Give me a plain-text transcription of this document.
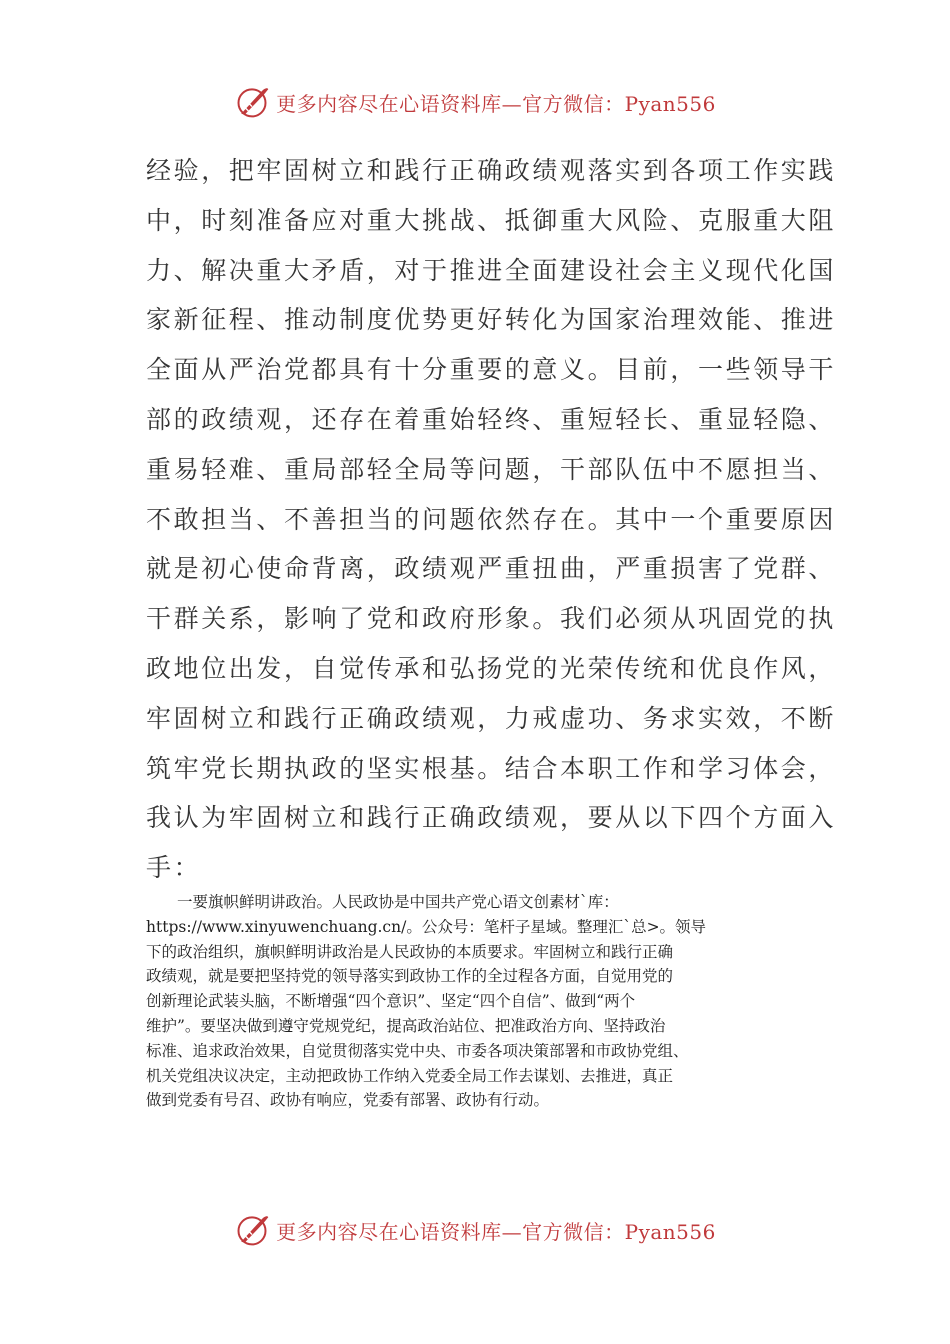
更多内容尽在心语资料库—官方微信：Pyan556
经验，把牢固树立和践行正确政绩观落实到各项工作实践
中，时刻准备应对重大挑战、抵御重大风险、克服重大阻
力、解决重大矛盾，对于推进全面建设社会主义现代化国
家新征程、推动制度优势更好转化为国家治理效能、推进
全面从严治党都具有十分重要的意义。目前，一些领导干
部的政绩观，还存在着重始轻终、重短轻长、重显轻隐、
重易轻难、重局部轻全局等问题，干部队伍中不愿担当、
不敢担当、不善担当的问题依然存在。其中一个重要原因
就是初心使命背离，政绩观严重扭曲，严重损害了党群、
干群关系，影响了党和政府形象。我们必须从巩固党的执
政地位出发，自觉传承和弘扬党的光荣传统和优良作风，
牢固树立和践行正确政绩观，力戒虚功、务求实效，不断
筑牢党长期执政的坚实根基。结合本职工作和学习体会，
我认为牢固树立和践行正确政绩观，要从以下四个方面入
手：
　　一要旗帜鲜明讲政治。人民政协是中国共产党心语文创素材`库：
https://www.xinyuwenchuang.cn/。公众号：笔杆子星域。整理汇`总>。领导
下的政治组织，旗帜鲜明讲政治是人民政协的本质要求。牢固树立和践行正确
政绩观，就是要把坚持党的领导落实到政协工作的全过程各方面，自觉用党的
创新理论武装头脑，不断增强“四个意识”、坚定“四个自信”、做到“两个
维护”。要坚决做到遵守党规党纪，提高政治站位、把准政治方向、坚持政治
标准、追求政治效果，自觉贯彻落实党中央、市委各项决策部署和市政协党组、
机关党组决议决定，主动把政协工作纳入党委全局工作去谋划、去推进，真正
做到党委有号召、政协有响应，党委有部署、政协有行动。
更多内容尽在心语资料库—官方微信：Pyan556
